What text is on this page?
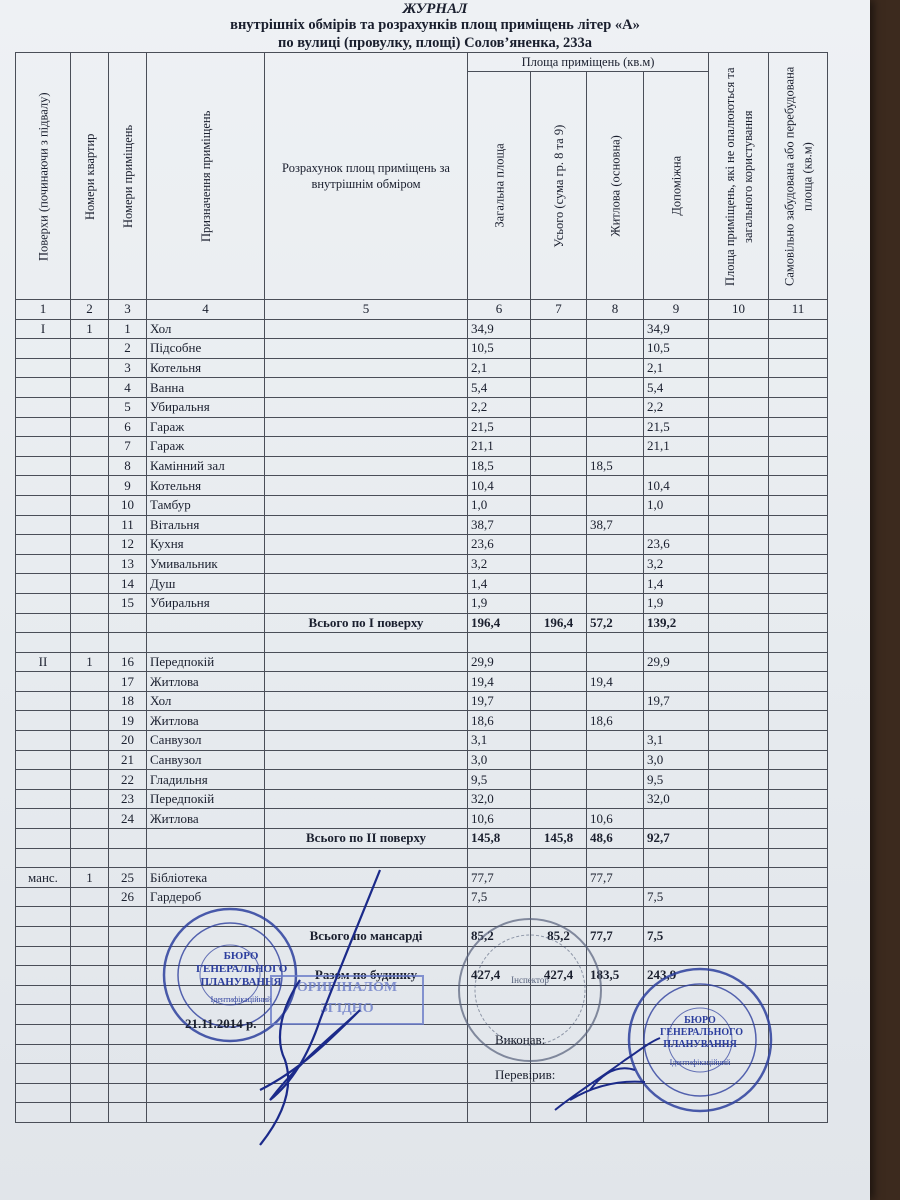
ЖУРНАЛ
внутрішніх обмірів та розрахунків площ приміщень літер «А»
по вулиці (провулку, площі) Солов’яненка, 233а
Поверхи (починаючи з підвалу)	Номери квартир	Номери приміщень	Призначення приміщень	Розрахунок площ приміщень за внутрішнім обміром	Площа приміщень (кв.м)				Площа приміщень, які не опалюються та загального користування	Самовільно забудована або перебудована площа (кв.м)
					Загальна площа	Усього (сума гр. 8 та 9)	Житлова (основна)	Допоміжна		
1	2	3	4	5	6	7	8	9	10	11
I	1	1	Хол		34,9			34,9		
		2	Підсобне		10,5			10,5		
		3	Котельня		2,1			2,1		
		4	Ванна		5,4			5,4		
		5	Убиральня		2,2			2,2		
		6	Гараж		21,5			21,5		
		7	Гараж		21,1			21,1		
		8	Камінний зал		18,5		18,5			
		9	Котельня		10,4			10,4		
		10	Тамбур		1,0			1,0		
		11	Вітальня		38,7		38,7			
		12	Кухня		23,6			23,6		
		13	Умивальник		3,2			3,2		
		14	Душ		1,4			1,4		
		15	Убиральня		1,9			1,9		
				Всього по І поверху	196,4	196,4	57,2	139,2		

ІІ	1	16	Передпокій		29,9			29,9		
		17	Житлова		19,4		19,4			
		18	Хол		19,7			19,7		
		19	Житлова		18,6		18,6			
		20	Санвузол		3,1			3,1		
		21	Санвузол		3,0			3,0		
		22	Гладильня		9,5			9,5		
		23	Передпокій		32,0			32,0		
		24	Житлова		10,6		10,6			
				Всього по ІІ поверху	145,8	145,8	48,6	92,7		

манс.	1	25	Бібліотека		77,7		77,7			
		26	Гардероб		7,5			7,5		

				Всього по мансарді	85,2	85,2	77,7	7,5		

				Разом по будинку	427,4	427,4	183,5	243,9		

БЮРО ГЕНЕРАЛЬНОГО ПЛАНУВАННЯ
Ідентифікаційний
ОРИГІНАЛОМ ЗГІДНО
Інспектор
БЮРО ГЕНЕРАЛЬНОГО ПЛАНУВАННЯ
Ідентифікаційний
21.11.2014 р.
Виконав:
Перевірив:
